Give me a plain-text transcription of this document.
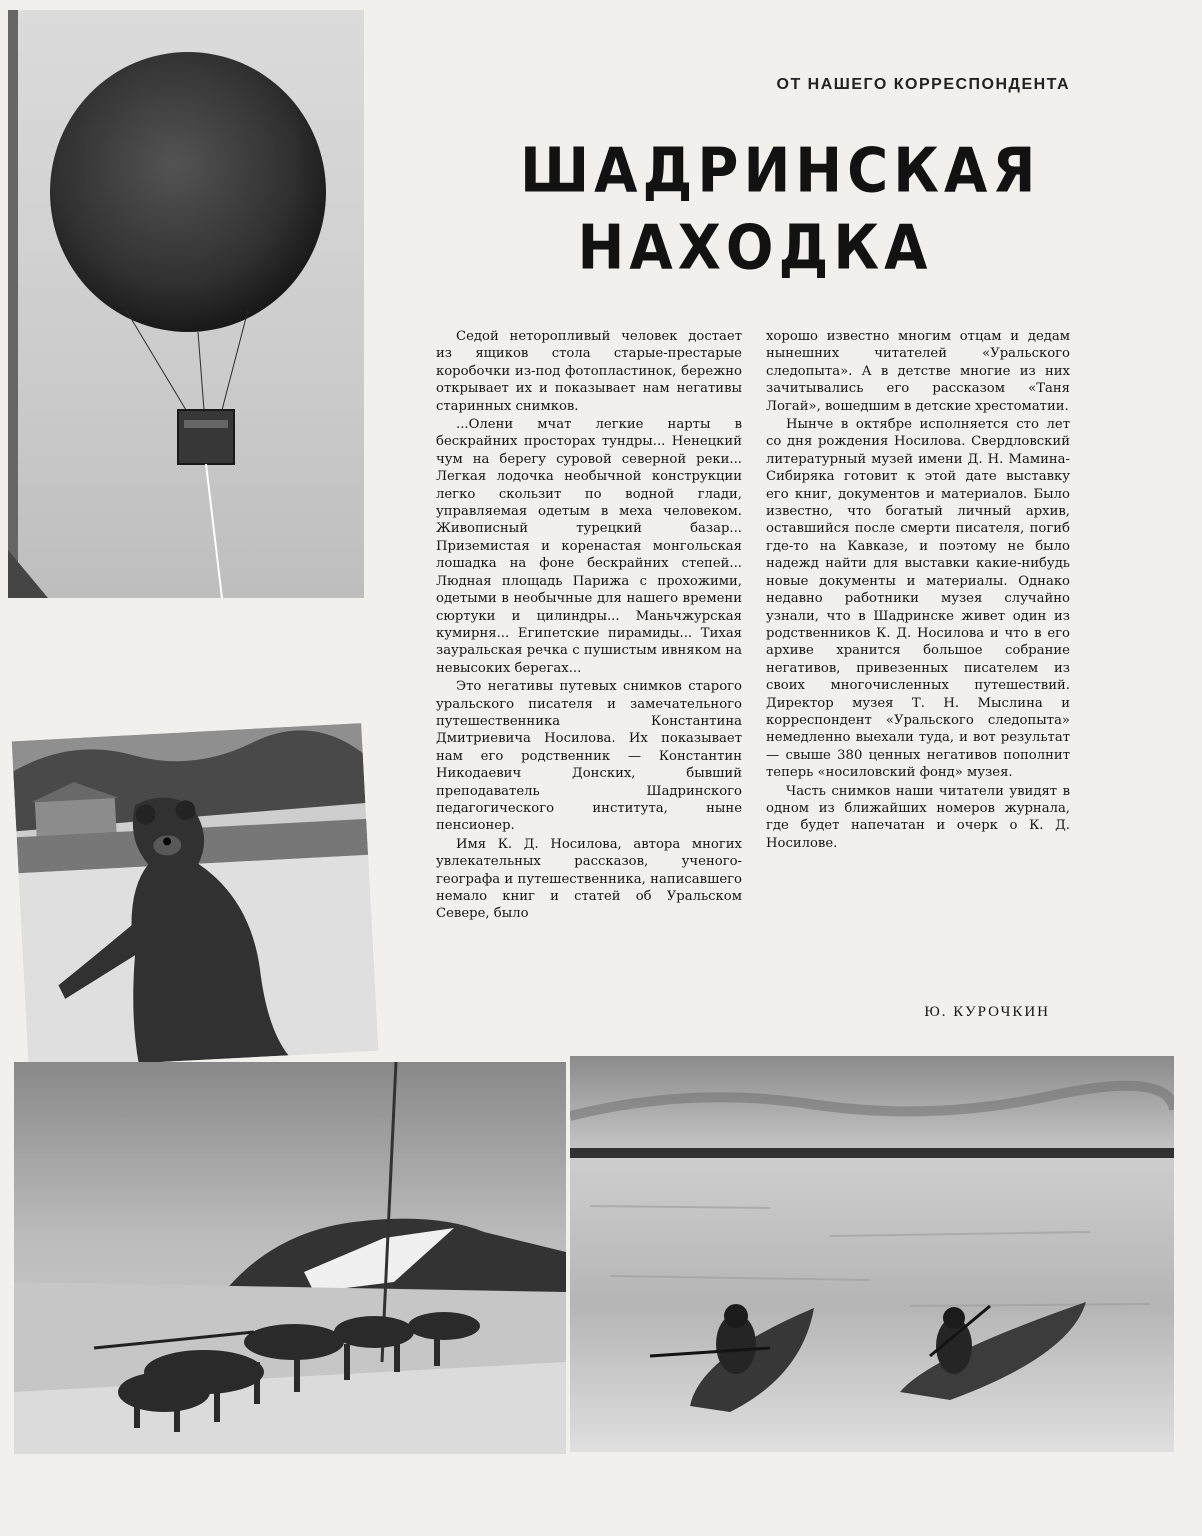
ОТ НАШЕГО КОРРЕСПОНДЕНТА
ШАДРИНСКАЯ
НАХОДКА

Седой неторопливый человек достает из ящиков стола старые-престарые коробочки из-под фотопластинок, бережно открывает их и показывает нам негативы старинных снимков.

...Олени мчат легкие нарты в бескрайних просторах тундры... Ненецкий чум на берегу суровой северной реки... Легкая лодочка необычной конструкции легко скользит по водной глади, управляемая одетым в меха человеком. Живописный турецкий базар... Приземистая и коренастая монгольская лошадка на фоне бескрайних степей... Людная площадь Парижа с прохожими, одетыми в необычные для нашего времени сюртуки и цилиндры... Маньчжурская кумирня... Египетские пирамиды... Тихая зауральская речка с пушистым ивняком на невысоких берегах...

Это негативы путевых снимков старого уральского писателя и замечательного путешественника Константина Дмитриевича Носилова. Их показывает нам его родственник — Константин Никодаевич Донских, бывший преподаватель Шадринского педагогического института, ныне пенсионер.

Имя К. Д. Носилова, автора многих увлекательных рассказов, ученого-географа и путешественника, написавшего немало книг и статей об Уральском Севере, было

хорошо известно многим отцам и дедам нынешних читателей «Уральского следопыта». А в детстве многие из них зачитывались его рассказом «Таня Логай», вошедшим в детские хрестоматии.

Нынче в октябре исполняется сто лет со дня рождения Носилова. Свердловский литературный музей имени Д. Н. Мамина-Сибиряка готовит к этой дате выставку его книг, документов и материалов. Было известно, что богатый личный архив, оставшийся после смерти писателя, погиб где-то на Кавказе, и поэтому не было надежд найти для выставки какие-нибудь новые документы и материалы. Однако недавно работники музея случайно узнали, что в Шадринске живет один из родственников К. Д. Носилова и что в его архиве хранится большое собрание негативов, привезенных писателем из своих многочисленных путешествий. Директор музея Т. Н. Мыслина и корреспондент «Уральского следопыта» немедленно выехали туда, и вот результат — свыше 380 ценных негативов пополнит теперь «носиловский фонд» музея.

Часть снимков наши читатели увидят в одном из ближайших номеров журнала, где будет напечатан и очерк о К. Д. Носилове.

Ю. КУРОЧКИН
